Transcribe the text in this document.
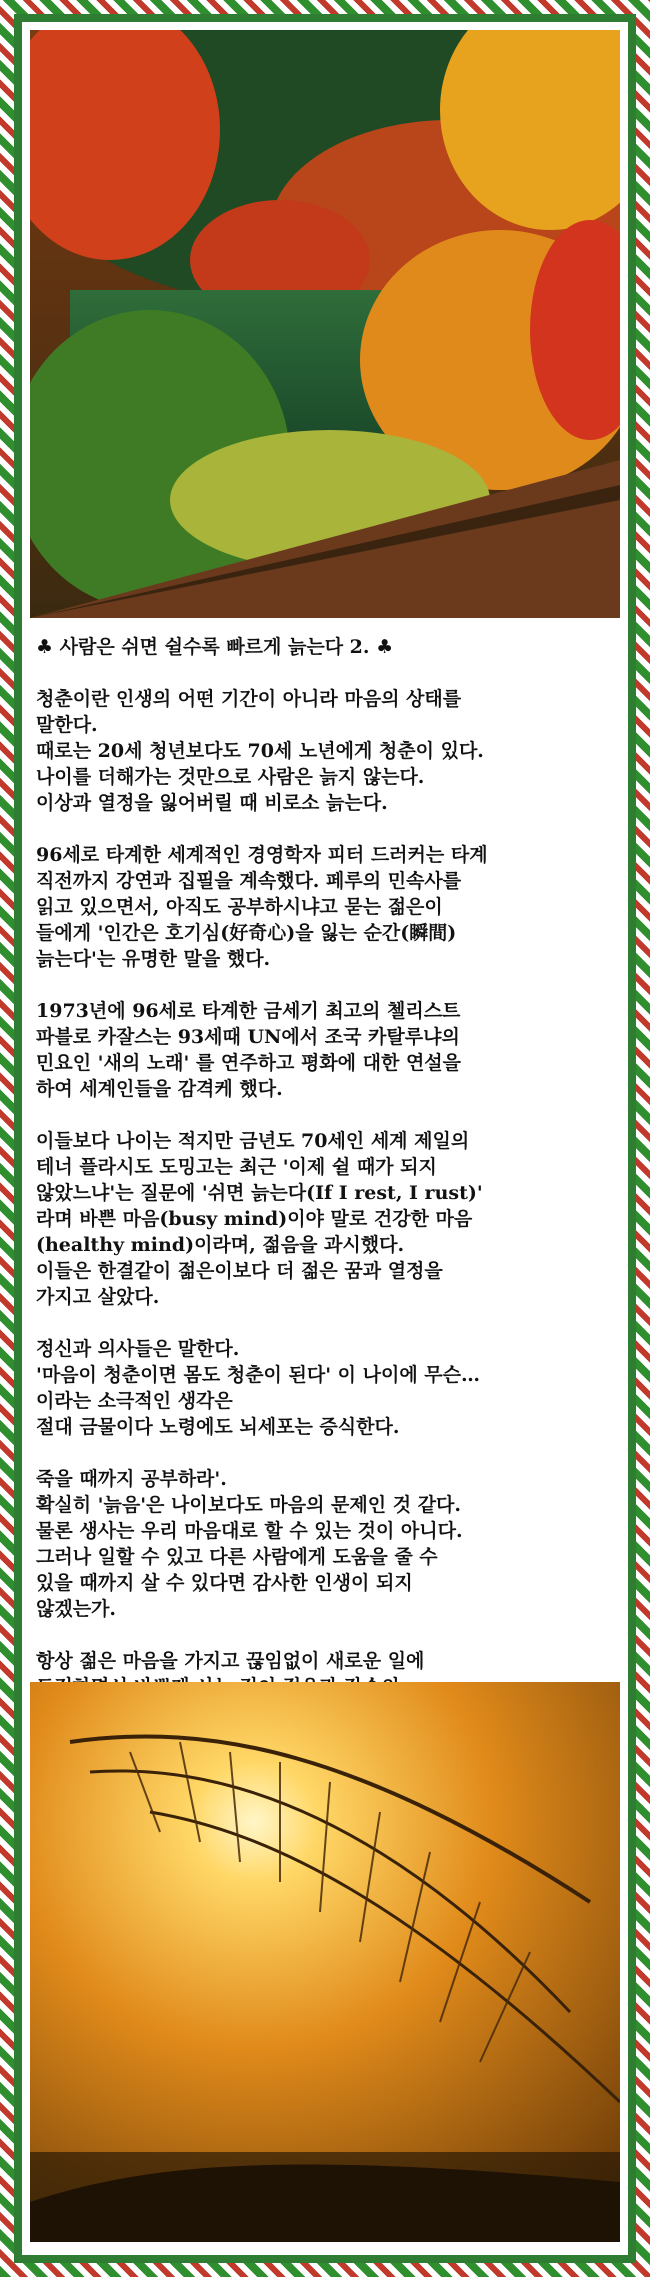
♣ 사람은 쉬면 쉴수록 빠르게 늙는다 2. ♣
청춘이란 인생의 어떤 기간이 아니라 마음의 상태를
말한다.
때로는 20세 청년보다도 70세 노년에게 청춘이 있다.
나이를 더해가는 것만으로 사람은 늙지 않는다.
이상과 열정을 잃어버릴 때 비로소 늙는다.
96세로 타계한 세계적인 경영학자 피터 드러커는 타계
직전까지 강연과 집필을 계속했다. 페루의 민속사를
읽고 있으면서, 아직도 공부하시냐고 묻는 젊은이
들에게 '인간은 호기심(好奇心)을 잃는 순간(瞬間)
늙는다'는 유명한 말을 했다.
1973년에 96세로 타계한 금세기 최고의 첼리스트
파블로 카잘스는 93세때 UN에서 조국 카탈루냐의
민요인 '새의 노래' 를 연주하고 평화에 대한 연설을
하여 세계인들을 감격케 했다.
이들보다 나이는 적지만 금년도 70세인 세계 제일의
테너 플라시도 도밍고는 최근 '이제 쉴 때가 되지
않았느냐'는 질문에 '쉬면 늙는다(If I rest, I rust)'
라며 바쁜 마음(busy mind)이야 말로 건강한 마음
(healthy mind)이라며, 젊음을 과시했다.
이들은 한결같이 젊은이보다 더 젊은 꿈과 열정을
가지고 살았다.
정신과 의사들은 말한다.
'마음이 청춘이면 몸도 청춘이 된다' 이 나이에 무슨…
이라는 소극적인 생각은
절대 금물이다 노령에도 뇌세포는 증식한다.
죽을 때까지 공부하라'.
확실히 '늙음'은 나이보다도 마음의 문제인 것 같다.
물론 생사는 우리 마음대로 할 수 있는 것이 아니다.
그러나 일할 수 있고 다른 사람에게 도움을 줄 수
있을 때까지 살 수 있다면 감사한 인생이 되지
않겠는가.
항상 젊은 마음을 가지고 끊임없이 새로운 일에
